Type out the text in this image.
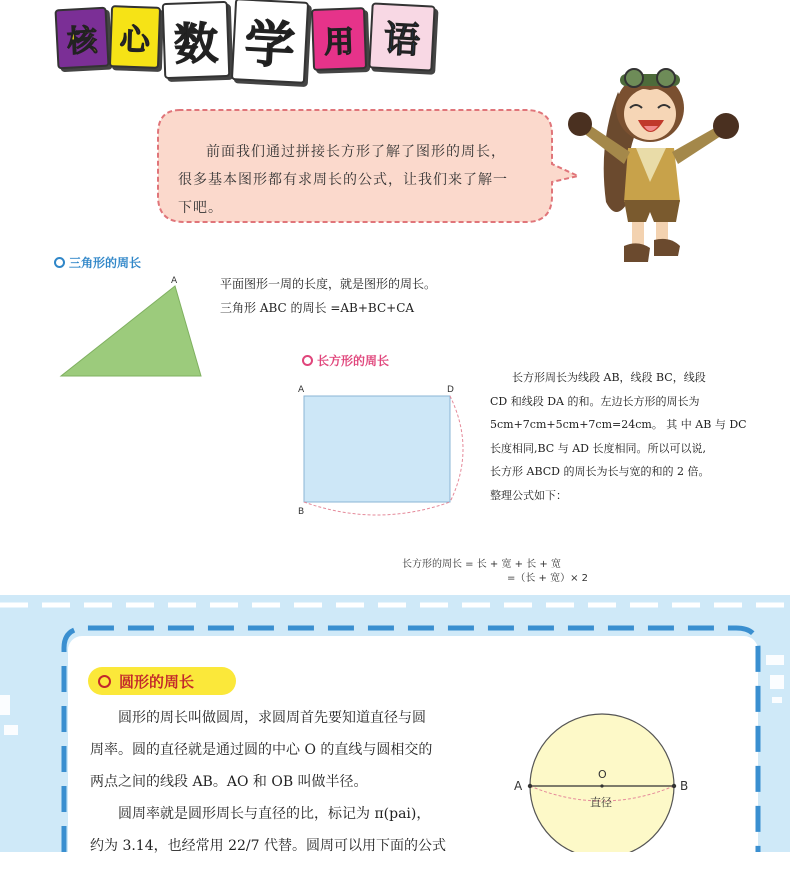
核 心 数 学 用 语

前面我们通过拼接长方形了解了图形的周长，

很多基本图形都有求周长的公式，让我们来了解一

下吧。

三角形的周长
A	平面图形一周的长度，就是图形的周长。
三角形 ABC 的周长 =AB+BC+CA
长方形的周长
A	D
B
长方形周长为线段 AB，线段 BC，线段
CD 和线段 DA 的和。左边长方形的周长为
5cm+7cm+5cm+7cm=24cm。 其 中 AB 与 DC
长度相同,BC 与 AD 长度相同。所以可以说,
长方形 ABCD 的周长为长与宽的和的 2 倍。
整理公式如下：
长方形的周长 = 长 + 宽 + 长 + 宽
=（长 + 宽）× 2
圆形的周长

圆形的周长叫做圆周，求圆周首先要知道直径与圆

周率。圆的直径就是通过圆的中心 O 的直线与圆相交的

两点之间的线段 AB。AO 和 OB 叫做半径。

圆周率就是圆形周长与直径的比，标记为 π(pai)，

约为 3.14，也经常用 22/7 代替。圆周可以用下面的公式

O
A	B
直径
